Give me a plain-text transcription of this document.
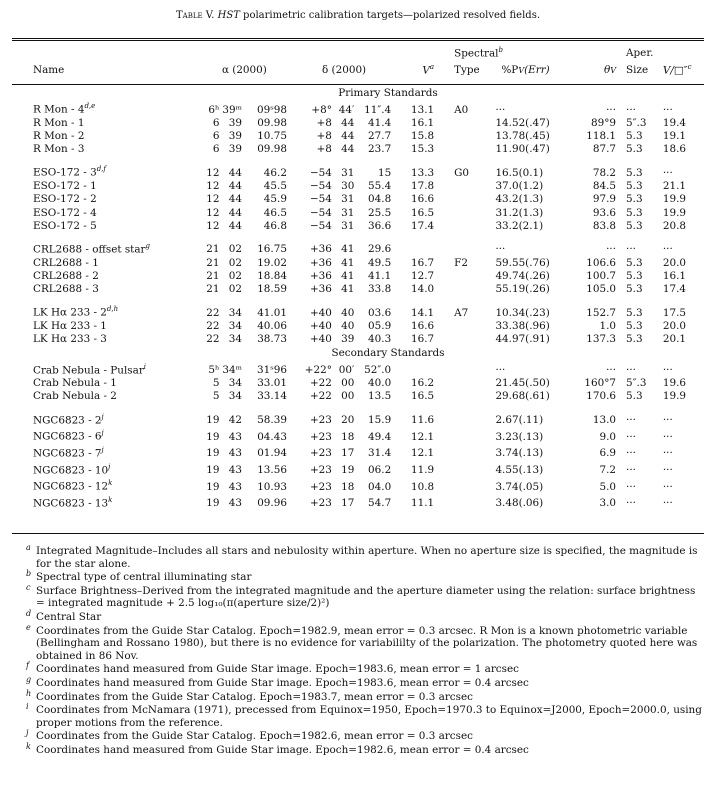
Table V. HST polarimetric calibration targets—polarized resolved fields.
				Spectral$^b$			Aper.	
Name	α (2000)	δ (2000)	$V^a$	Type	%PV(Err)	θV	Size	V/□″$^c$
Primary Standards												
R Mon - 4$^{d,e}$	6ʰ	39ᵐ	09ˢ98	+8°	44′	11″.4	13.1	A0	···	···	···	···
R Mon - 1	6	39	09.98	+8	44	41.4	16.1		14.52(.47)	89°9	5″.3	19.4
R Mon - 2	6	39	10.75	+8	44	27.7	15.8		13.78(.45)	118.1	5.3	19.1
R Mon - 3	6	39	09.98	+8	44	23.7	15.3		11.90(.47)	87.7	5.3	18.6

ESO-172 - 3$^{d,f}$	12	44	46.2	−54	31	15	13.3	G0	16.5(0.1)	78.2	5.3	···
ESO-172 - 1	12	44	45.5	−54	30	55.4	17.8		37.0(1.2)	84.5	5.3	21.1
ESO-172 - 2	12	44	45.9	−54	31	04.8	16.6		43.2(1.3)	97.9	5.3	19.9
ESO-172 - 4	12	44	46.5	−54	31	25.5	16.5		31.2(1.3)	93.6	5.3	19.9
ESO-172 - 5	12	44	46.8	−54	31	36.6	17.4		33.2(2.1)	83.8	5.3	20.8

CRL2688 - offset star$^g$	21	02	16.75	+36	41	29.6			···	···	···	···
CRL2688 - 1	21	02	19.02	+36	41	49.5	16.7	F2	59.55(.76)	106.6	5.3	20.0
CRL2688 - 2	21	02	18.84	+36	41	41.1	12.7		49.74(.26)	100.7	5.3	16.1
CRL2688 - 3	21	02	18.59	+36	41	33.8	14.0		55.19(.26)	105.0	5.3	17.4

LK Hα 233 - 2$^{d,h}$	22	34	41.01	+40	40	03.6	14.1	A7	10.34(.23)	152.7	5.3	17.5
LK Hα 233 - 1	22	34	40.06	+40	40	05.9	16.6		33.38(.96)	1.0	5.3	20.0
LK Hα 233 - 3	22	34	38.73	+40	39	40.3	16.7		44.97(.91)	137.3	5.3	20.1
Secondary Standards												
Crab Nebula - Pulsar$^i$	5ʰ	34ᵐ	31ˢ96	+22°	00′	52″.0			···	···	···	···
Crab Nebula - 1	5	34	33.01	+22	00	40.0	16.2		21.45(.50)	160°7	5″.3	19.6
Crab Nebula - 2	5	34	33.14	+22	00	13.5	16.5		29.68(.61)	170.6	5.3	19.9

NGC6823 - 2$^j$	19	42	58.39	+23	20	15.9	11.6		2.67(.11)	13.0	···	···
NGC6823 - 6$^j$	19	43	04.43	+23	18	49.4	12.1		3.23(.13)	9.0	···	···
NGC6823 - 7$^j$	19	43	01.94	+23	17	31.4	12.1		3.74(.13)	6.9	···	···
NGC6823 - 10$^j$	19	43	13.56	+23	19	06.2	11.9		4.55(.13)	7.2	···	···
NGC6823 - 12$^k$	19	43	10.93	+23	18	04.0	10.8		3.74(.05)	5.0	···	···
NGC6823 - 13$^k$	19	43	09.96	+23	17	54.7	11.1		3.48(.06)	3.0	···	···

a Integrated Magnitude–Includes all stars and nebulosity within aperture. When no aperture size is specified, the magnitude is for the star alone.

b Spectral type of central illuminating star

c Surface Brightness–Derived from the integrated magnitude and the aperture diameter using the relation: surface brightness = integrated magnitude + 2.5 log₁₀(π(aperture size/2)²)

d Central Star

e Coordinates from the Guide Star Catalog. Epoch=1982.9, mean error = 0.3 arcsec. R Mon is a known photometric variable (Bellingham and Rossano 1980), but there is no evidence for variabililty of the polarization. The photometry quoted here was obtained in 86 Nov.

f Coordinates hand measured from Guide Star image. Epoch=1983.6, mean error = 1 arcsec

g Coordinates hand measured from Guide Star image. Epoch=1983.6, mean error = 0.4 arcsec

h Coordinates from the Guide Star Catalog. Epoch=1983.7, mean error = 0.3 arcsec

i Coordinates from McNamara (1971), precessed from Equinox=1950, Epoch=1970.3 to Equinox=J2000, Epoch=2000.0, using proper motions from the reference.

j Coordinates from the Guide Star Catalog. Epoch=1982.6, mean error = 0.3 arcsec

k Coordinates hand measured from Guide Star image. Epoch=1982.6, mean error = 0.4 arcsec
